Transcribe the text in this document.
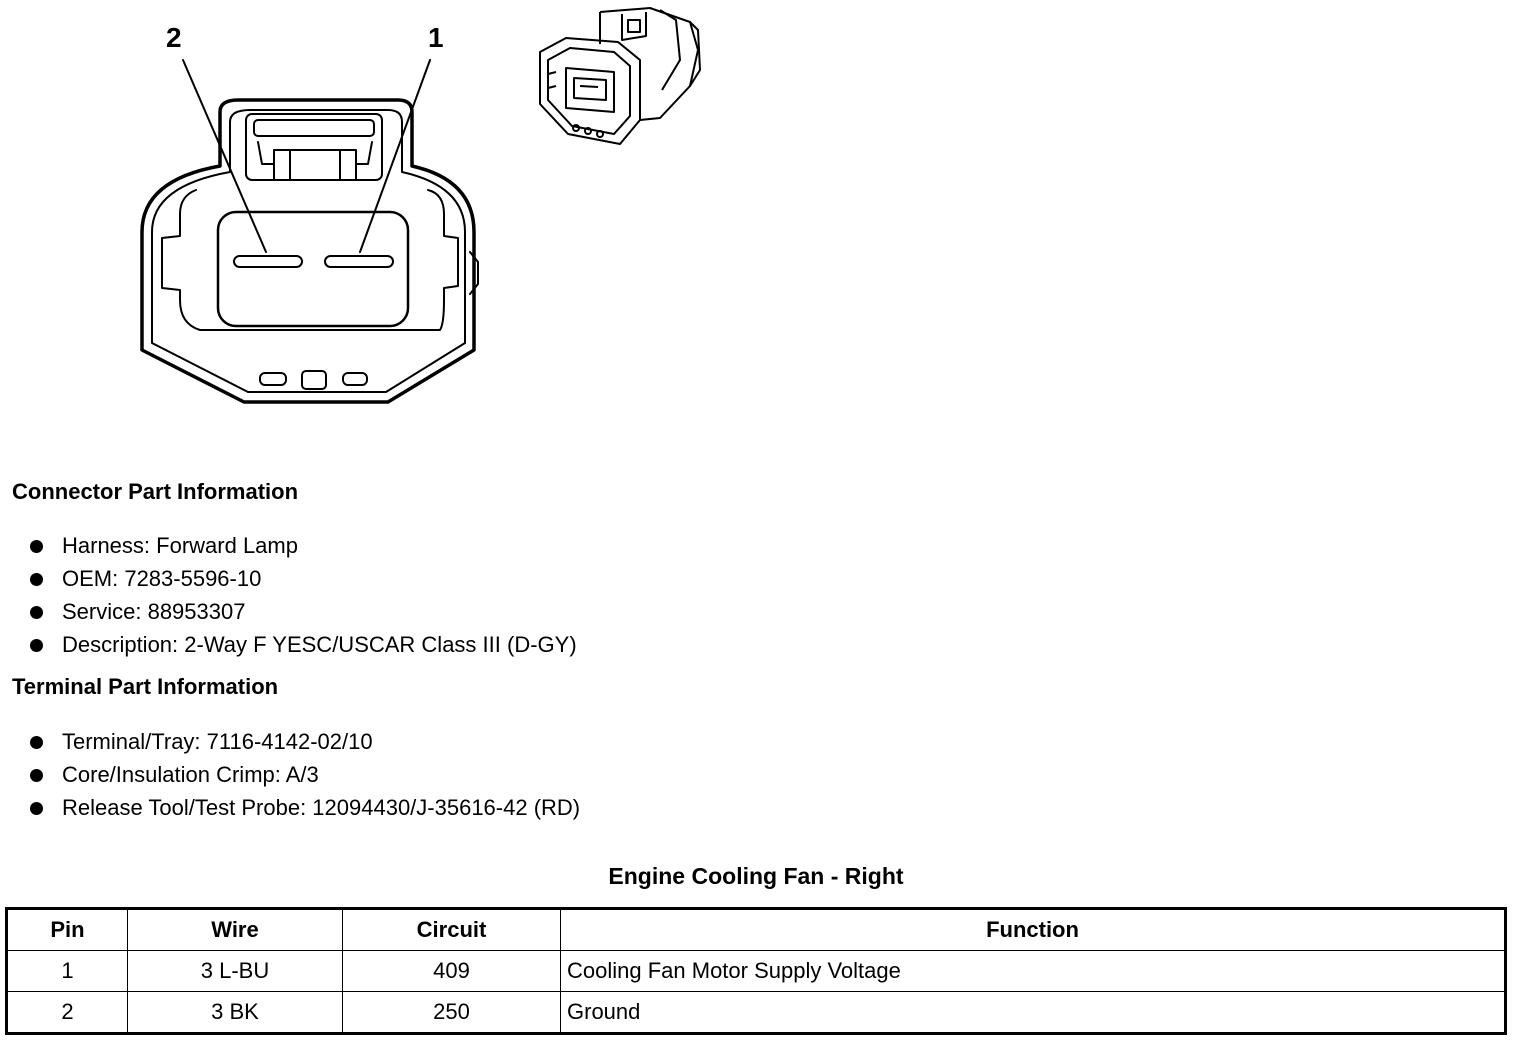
2	1
Connector Part Information
Harness: Forward Lamp
OEM: 7283-5596-10
Service: 88953307
Description: 2-Way F YESC/USCAR Class III (D-GY)
Terminal Part Information
Terminal/Tray: 7116-4142-02/10
Core/Insulation Crimp: A/3
Release Tool/Test Probe: 12094430/J-35616-42 (RD)
Engine Cooling Fan - Right
Pin	Wire	Circuit	Function
1	3 L-BU	409	Cooling Fan Motor Supply Voltage
2	3 BK	250	Ground
